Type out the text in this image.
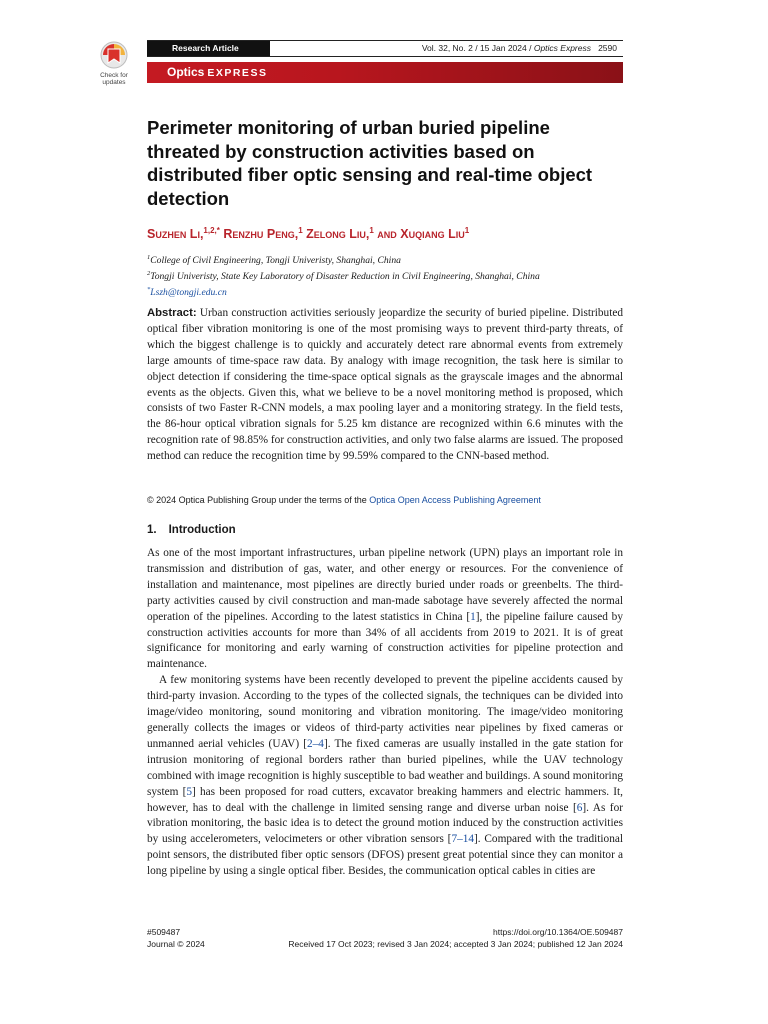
Check for
updates
Research Article	Vol. 32, No. 2 / 15 Jan 2024 / Optics Express 2590
Optics EXPRESS
Perimeter monitoring of urban buried pipeline threated by construction activities based on distributed fiber optic sensing and real-time object detection
Suzhen Li,$^{1,2,*}$ Renzhu Peng,$^1$ Zelong Liu,$^1$ and Xuqiang Liu$^1$
$^1$College of Civil Engineering, Tongji Univeristy, Shanghai, China
$^2$Tongji Univeristy, State Key Laboratory of Disaster Reduction in Civil Engineering, Shanghai, China
*Lszh@tongji.edu.cn
Abstract: Urban construction activities seriously jeopardize the security of buried pipeline. Distributed optical fiber vibration monitoring is one of the most promising ways to prevent third-party threats, of which the biggest challenge is to quickly and accurately detect rare abnormal events from extremely large amounts of time-space raw data. By analogy with image recognition, the task here is similar to object detection if considering the time-space optical signals as the grayscale images and the abnormal events as the objects. Given this, what we believe to be a novel monitoring method is proposed, which consists of two Faster R-CNN models, a max pooling layer and a monitoring strategy. In the field tests, the 86-hour optical vibration signals for 5.25 km distance are recognized within 6.6 minutes with the recognition rate of 98.85% for construction activities, and only two false alarms are issued. The proposed method can reduce the recognition time by 99.59% compared to the CNN-based method.
© 2024 Optica Publishing Group under the terms of the Optica Open Access Publishing Agreement
1. Introduction

As one of the most important infrastructures, urban pipeline network (UPN) plays an important role in transmission and distribution of gas, water, and other energy or resources. For the convenience of installation and maintenance, most pipelines are directly buried under roads or greenbelts. The third-party activities caused by civil construction and man-made sabotage have severely affected the normal operation of the pipelines. According to the latest statistics in China [1], the pipeline failure caused by construction activities accounts for more than 34% of all accidents from 2019 to 2021. It is of great significance for monitoring and early warning of construction activities for pipeline protection and maintenance.

A few monitoring systems have been recently developed to prevent the pipeline accidents caused by third-party invasion. According to the types of the collected signals, the techniques can be divided into image/video monitoring, sound monitoring and vibration monitoring. The image/video monitoring generally collects the images or videos of third-party activities near pipelines by fixed cameras or unmanned aerial vehicles (UAV) [2–4]. The fixed cameras are usually installed in the gate station for intrusion monitoring of regional borders rather than buried pipelines, while the UAV technology combined with image recognition is highly susceptible to bad weather and buildings. A sound monitoring system [5] has been proposed for road cutters, excavator breaking hammers and electric hammers. It, however, has to deal with the challenge in limited sensing range and diverse urban noise [6]. As for vibration monitoring, the basic idea is to detect the ground motion induced by the construction activities by using accelerometers, velocimeters or other vibration sensors [7–14]. Compared with the traditional point sensors, the distributed fiber optic sensors (DFOS) present great potential since they can monitor a long pipeline by using a single optical fiber. Besides, the communication optical cables in cities are

#509487
Journal © 2024
https://doi.org/10.1364/OE.509487
Received 17 Oct 2023; revised 3 Jan 2024; accepted 3 Jan 2024; published 12 Jan 2024
